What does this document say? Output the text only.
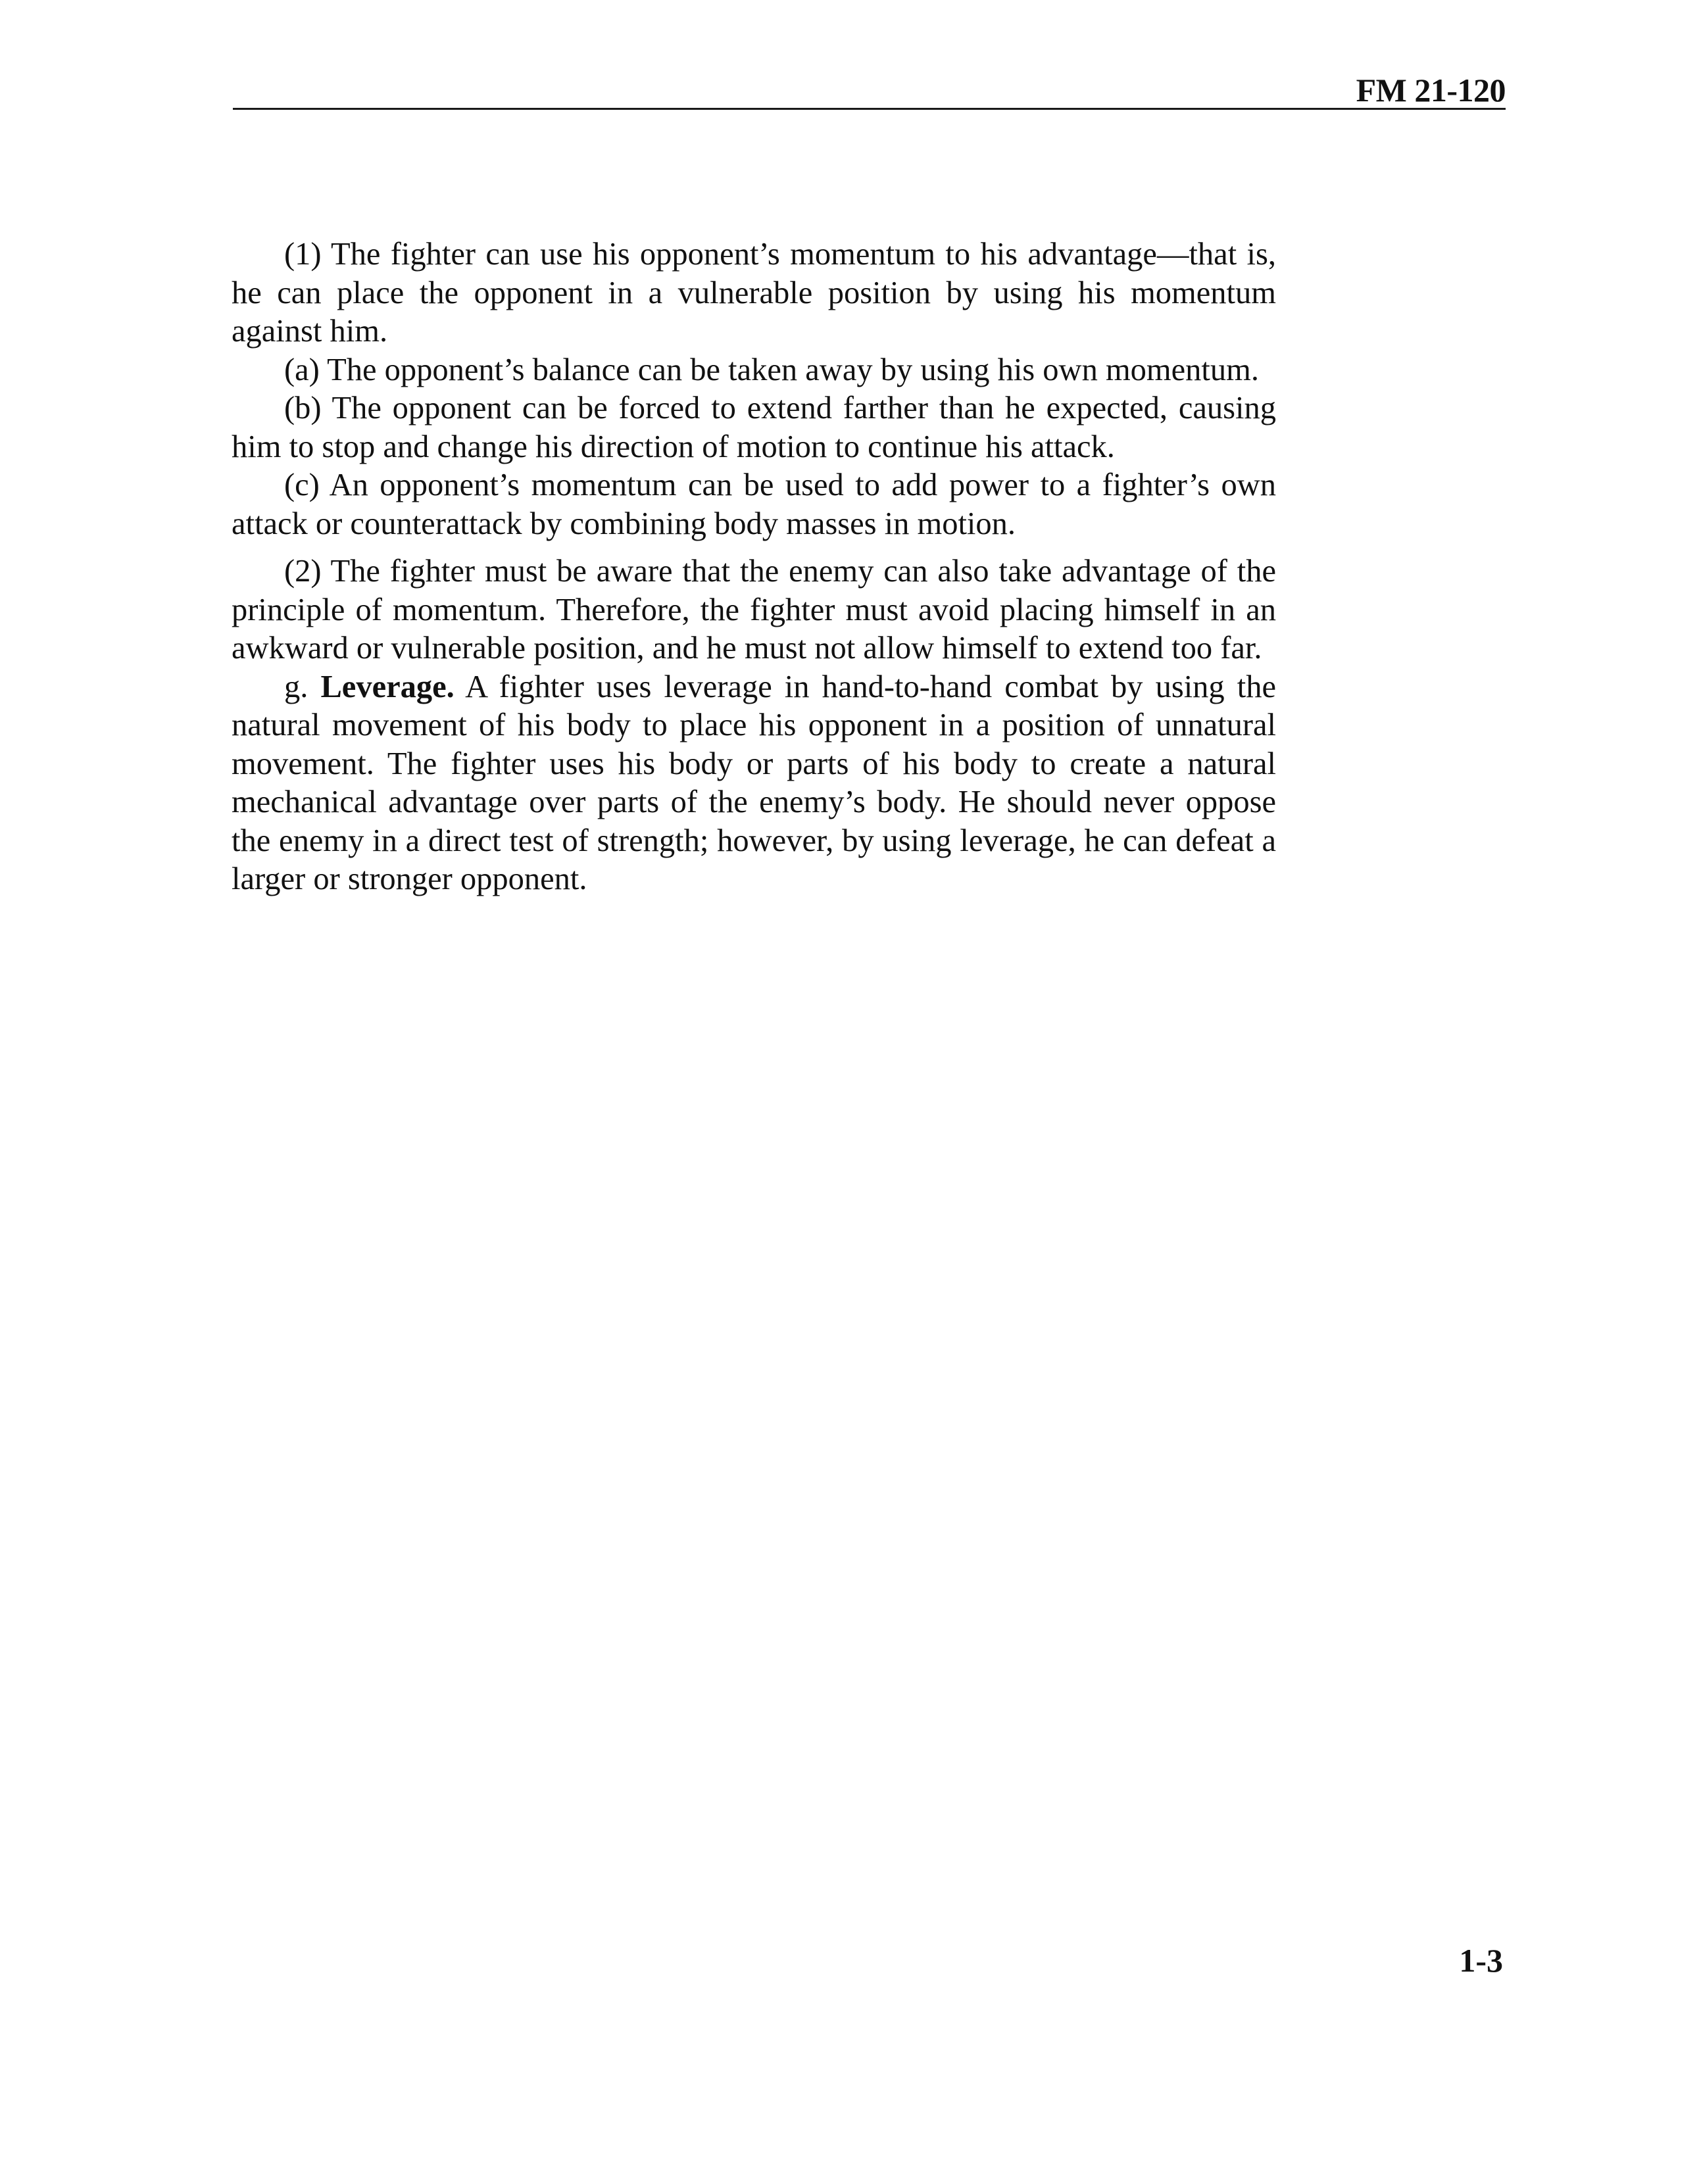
FM 21-120

(1) The fighter can use his opponent’s momentum to his advantage—that is, he can place the opponent in a vulnerable position by using his momentum against him.

(a) The opponent’s balance can be taken away by using his own momentum.

(b) The opponent can be forced to extend farther than he expected, causing him to stop and change his direction of motion to continue his attack.

(c) An opponent’s momentum can be used to add power to a fighter’s own attack or counterattack by combining body masses in motion.

(2) The fighter must be aware that the enemy can also take advantage of the principle of momentum. Therefore, the fighter must avoid placing himself in an awkward or vulnerable position, and he must not allow himself to extend too far.

g. Leverage. A fighter uses leverage in hand-to-hand combat by using the natural movement of his body to place his opponent in a position of unnatural movement. The fighter uses his body or parts of his body to create a natural mechanical advantage over parts of the enemy’s body. He should never oppose the enemy in a direct test of strength; however, by using leverage, he can defeat a larger or stronger opponent.

1-3
